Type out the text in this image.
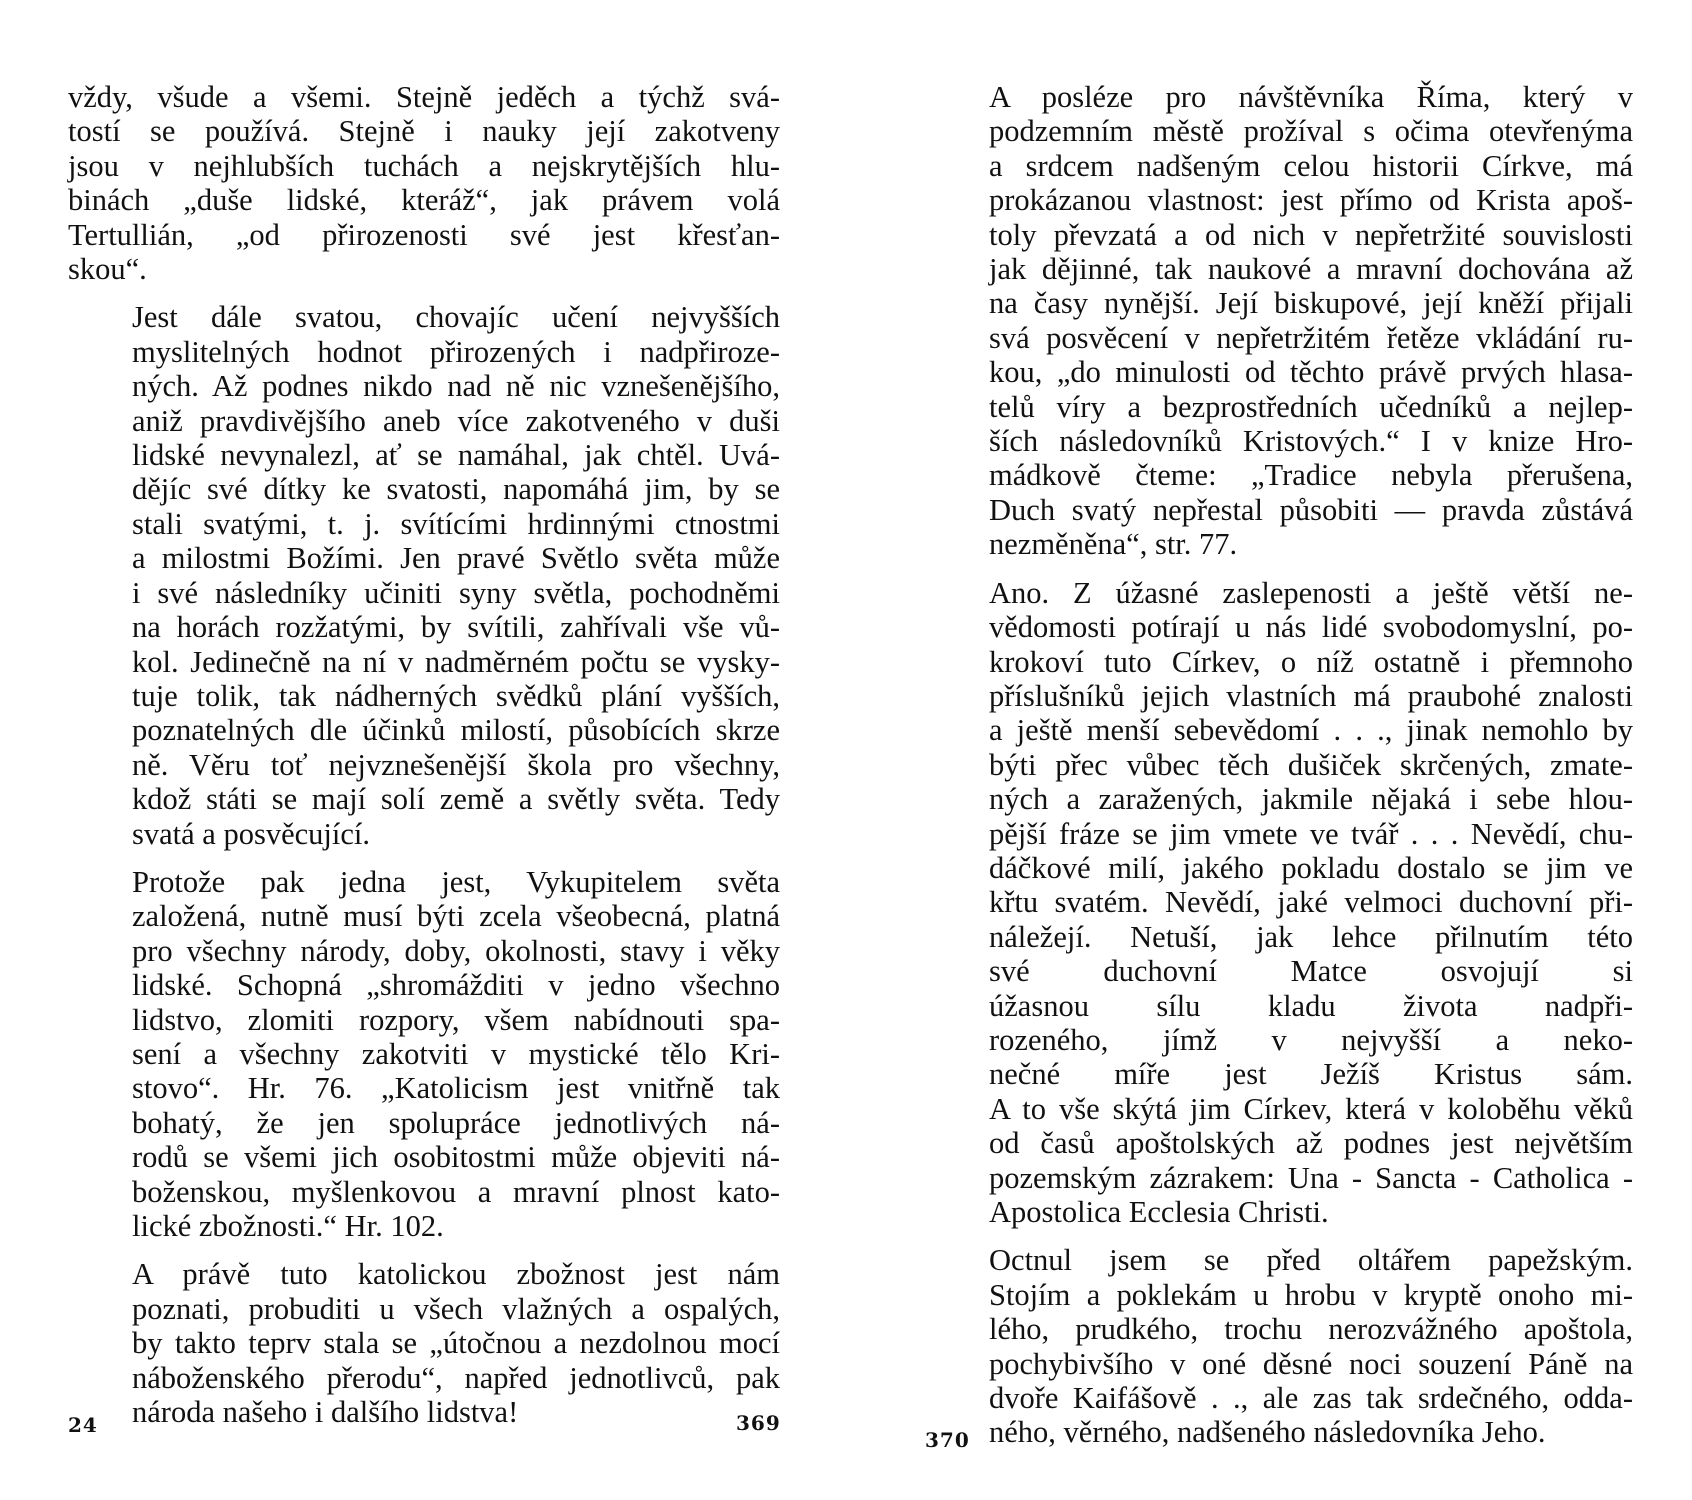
vždy, všude a všemi. Stejně jeděch a týchž svá-
tostí se používá. Stejně i nauky její zakotveny
jsou v nejhlubších tuchách a nejskrytějších hlu-
binách „duše lidské, kteráž“, jak právem volá
Tertullián, „od přirozenosti své jest křesťan-
skou“.

Jest dále svatou, chovajíc učení nejvyšších
myslitelných hodnot přirozených i nadpřiroze-
ných. Až podnes nikdo nad ně nic vznešenějšího,
aniž pravdivějšího aneb více zakotveného v duši
lidské nevynalezl, ať se namáhal, jak chtěl. Uvá-
dějíc své dítky ke svatosti, napomáhá jim, by se
stali svatými, t. j. svítícími hrdinnými ctnostmi
a milostmi Božími. Jen pravé Světlo světa může
i své následníky učiniti syny světla, pochodněmi
na horách rozžatými, by svítili, zahřívali vše vů-
kol. Jedinečně na ní v nadměrném počtu se vysky-
tuje tolik, tak nádherných svědků plání vyšších,
poznatelných dle účinků milostí, působících skrze
ně. Věru toť nejvznešenější škola pro všechny,
kdož státi se mají solí země a světly světa. Tedy
svatá a posvěcující.

Protože pak jedna jest, Vykupitelem světa
založená, nutně musí býti zcela všeobecná, platná
pro všechny národy, doby, okolnosti, stavy i věky
lidské. Schopná „shromážditi v jedno všechno
lidstvo, zlomiti rozpory, všem nabídnouti spa-
sení a všechny zakotviti v mystické tělo Kri-
stovo“. Hr. 76. „Katolicism jest vnitřně tak
bohatý, že jen spolupráce jednotlivých ná-
rodů se všemi jich osobitostmi může objeviti ná-
boženskou, myšlenkovou a mravní plnost kato-
lické zbožnosti.“ Hr. 102.

A právě tuto katolickou zbožnost jest nám
poznati, probuditi u všech vlažných a ospalých,
by takto teprv stala se „útočnou a nezdolnou mocí
náboženského přerodu“, napřed jednotlivců, pak
národa našeho i dalšího lidstva!

A posléze pro návštěvníka Říma, který v
podzemním městě prožíval s očima otevřenýma
a srdcem nadšeným celou historii Církve, má
prokázanou vlastnost: jest přímo od Krista apoš-
toly převzatá a od nich v nepřetržité souvislosti
jak dějinné, tak naukové a mravní dochována až
na časy nynější. Její biskupové, její kněží přijali
svá posvěcení v nepřetržitém řetěze vkládání ru-
kou, „do minulosti od těchto právě prvých hlasa-
telů víry a bezprostředních učedníků a nejlep-
ších následovníků Kristových.“ I v knize Hro-
mádkově čteme: „Tradice nebyla přerušena,
Duch svatý nepřestal působiti — pravda zůstává
nezměněna“, str. 77.

Ano. Z úžasné zaslepenosti a ještě větší ne-
vědomosti potírají u nás lidé svobodomyslní, po-
krokoví tuto Církev, o níž ostatně i přemnoho
příslušníků jejich vlastních má praubohé znalosti
a ještě menší sebevědomí . . ., jinak nemohlo by
býti přec vůbec těch dušiček skrčených, zmate-
ných a zaražených, jakmile nějaká i sebe hlou-
pější fráze se jim vmete ve tvář . . . Nevědí, chu-
dáčkové milí, jakého pokladu dostalo se jim ve
křtu svatém. Nevědí, jaké velmoci duchovní při-
náležejí. Netuší, jak lehce přilnutím této
své duchovní Matce osvojují si
úžasnou sílu kladu života nadpři-
rozeného, jímž v nejvyšší a neko-
nečné míře jest Ježíš Kristus sám.
A to vše skýtá jim Církev, která v koloběhu věků
od časů apoštolských až podnes jest největším
pozemským zázrakem: Una - Sancta - Catholica -
Apostolica Ecclesia Christi.

Octnul jsem se před oltářem papežským.
Stojím a poklekám u hrobu v kryptě onoho mi-
lého, prudkého, trochu nerozvážného apoštola,
pochybivšího v oné děsné noci souzení Páně na
dvoře Kaifášově . ., ale zas tak srdečného, odda-
ného, věrného, nadšeného následovníka Jeho.

24	369
370
